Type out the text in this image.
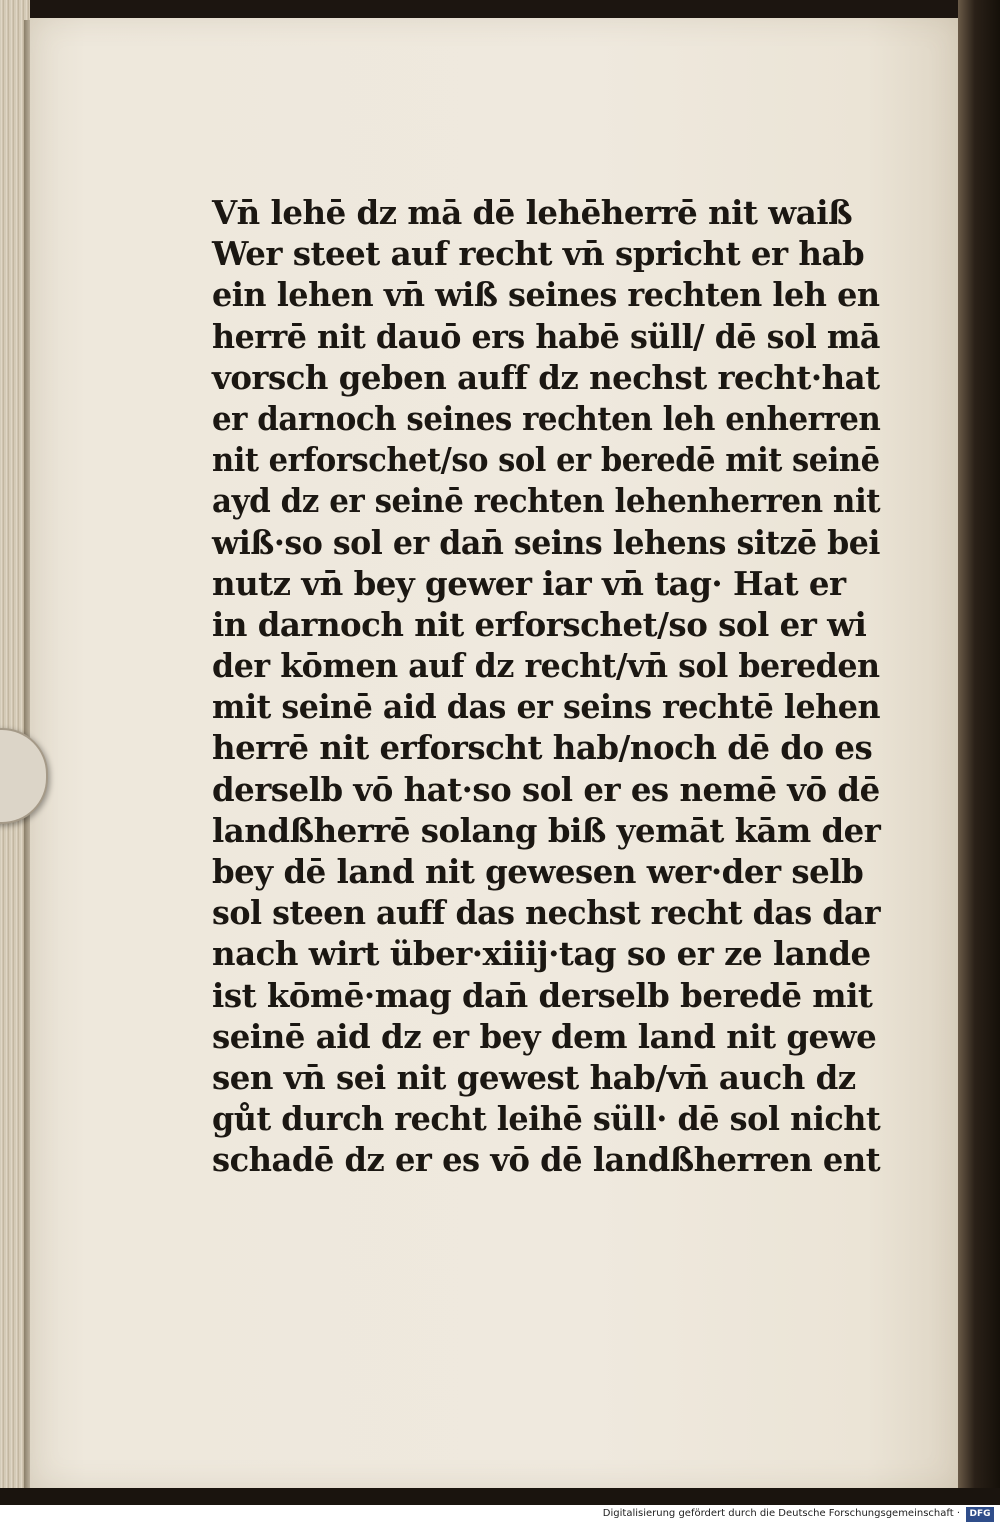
Vn̄ lehē dz mā dē lehēherrē nit waiß
Wer steet auf recht vn̄ spricht er hab
ein lehen vn̄ wiß seines rechten leh en
herrē nit dauō ers habē süll/ dē sol mā
vorsch geben auff dz nechst recht·hat
er darnoch seines rechten leh enherren
nit erforschet/so sol er beredē mit seinē
ayd dz er seinē rechten lehenherren nit
wiß·so sol er dan̄ seins lehens sitzē bei
nutz vn̄ bey gewer iar vn̄ tag· Hat er
in darnoch nit erforschet/so sol er wi
der kōmen auf dz recht/vn̄ sol bereden
mit seinē aid das er seins rechtē lehen
herrē nit erforscht hab/noch dē do es
derselb vō hat·so sol er es nemē vō dē
landßherrē solang biß yemāt kām der
bey dē land nit gewesen wer·der selb
sol steen auff das nechst recht das dar
nach wirt über·xiiij·tag so er ze lande
ist kōmē·mag dan̄ derselb beredē mit
seinē aid dz er bey dem land nit gewe
sen vn̄ sei nit gewest hab/vn̄ auch dz
gůt durch recht leihē süll· dē sol nicht
schadē dz er es vō dē landßherren ent
Digitalisierung gefördert durch die Deutsche Forschungsgemeinschaft ·	DFG
